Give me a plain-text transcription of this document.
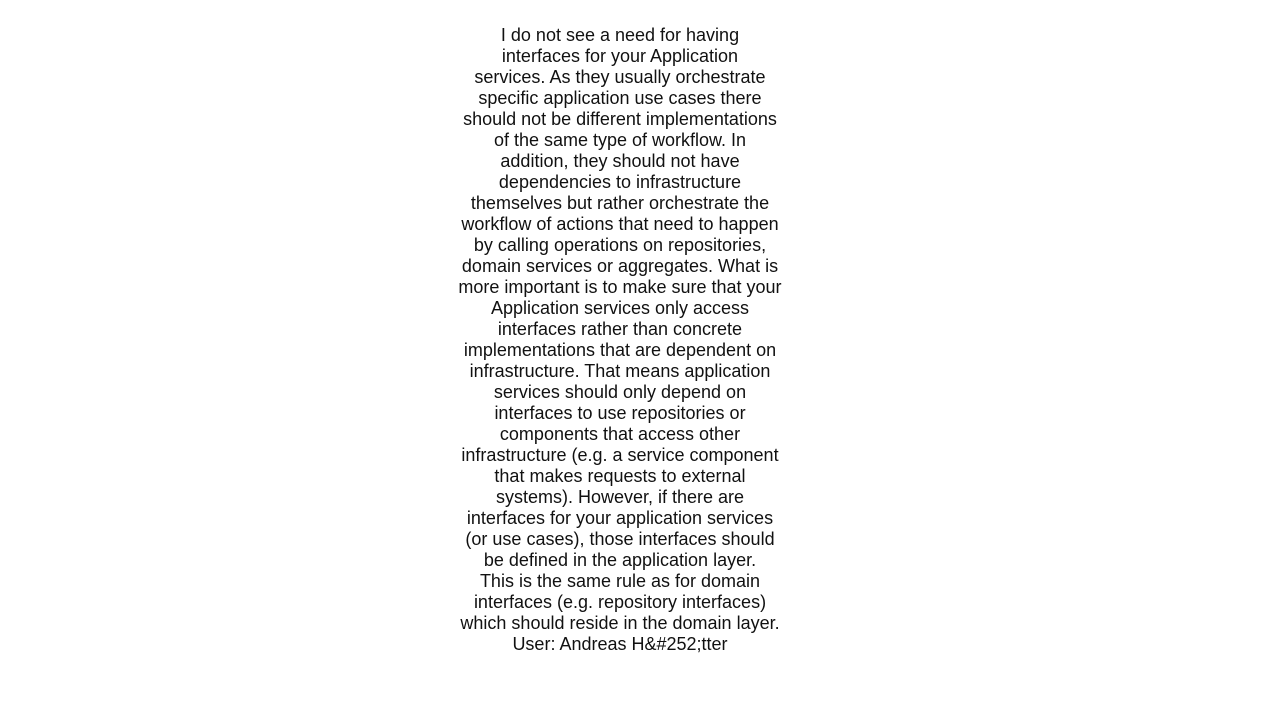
I do not see a need for having
interfaces for your Application
services. As they usually orchestrate
specific application use cases there
should not be different implementations
of the same type of workflow. In
addition, they should not have
dependencies to infrastructure
themselves but rather orchestrate the
workflow of actions that need to happen
by calling operations on repositories,
domain services or aggregates. What is
more important is to make sure that your
Application services only access
interfaces rather than concrete
implementations that are dependent on
infrastructure. That means application
services should only depend on
interfaces to use repositories or
components that access other
infrastructure (e.g. a service component
that makes requests to external
systems). However, if there are
interfaces for your application services
(or use cases), those interfaces should
be defined in the application layer.
This is the same rule as for domain
interfaces (e.g. repository interfaces)
which should reside in the domain layer.
User: Andreas H&#252;tter
